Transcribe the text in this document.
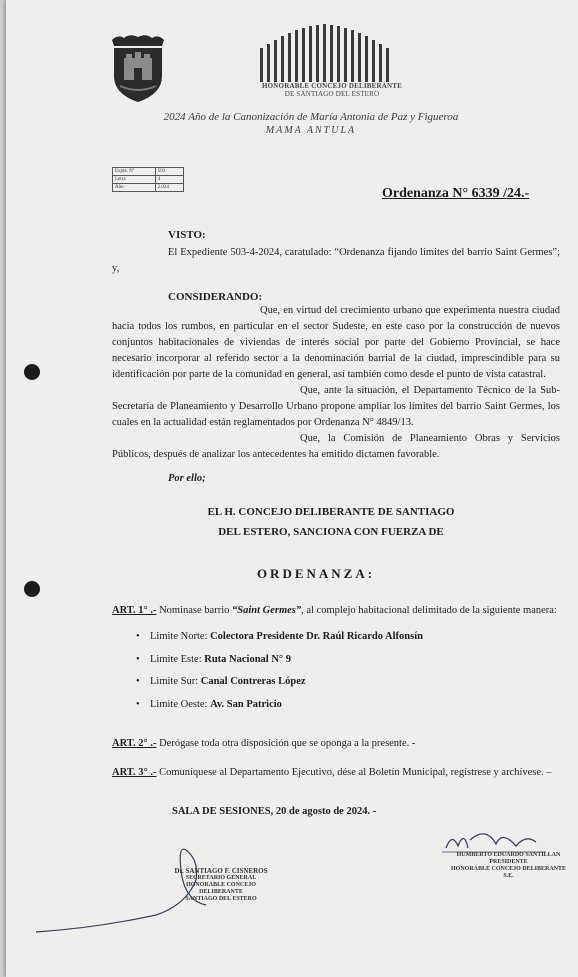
HONORABLE CONCEJO DELIBERANTE
DE SANTIAGO DEL ESTERO
2024 Año de la Canonización de María Antonia de Paz y Figueroa
MAMA ANTULA
Expte. Nº	503
Letra	4
Año	2.024	Ordenanza N° 6339 /24.-
VISTO:
El Expediente 503-4-2024, caratulado: “Ordenanza fijando límites del barrio Saint Germes”; y,
CONSIDERANDO:
Que, en virtud del crecimiento urbano que experimenta nuestra ciudad hacia todos los rumbos, en particular en el sector Sudeste, en este caso por la construcción de nuevos conjuntos habitacionales de viviendas de interés social por parte del Gobierno Provincial, se hace necesario incorporar al referido sector a la denominación barrial de la ciudad, imprescindible para su identificación por parte de la comunidad en general, así también como desde el punto de vista catastral.
Que, ante la situación, el Departamento Técnico de la Sub-Secretaría de Planeamiento y Desarrollo Urbano propone ampliar los límites del barrio Saint Germes, los cuales en la actualidad están reglamentados por Ordenanza N° 4849/13.
Que, la Comisión de Planeamiento Obras y Servicios Públicos, después de analizar los antecedentes ha emitido dictamen favorable.
Por ello;
EL H. CONCEJO DELIBERANTE DE SANTIAGO
DEL ESTERO, SANCIONA CON FUERZA DE
ORDENANZA:
ART. 1° .- Nominase barrio “Saint Germes”, al complejo habitacional delimitado de la siguiente manera:
• Limite Norte: Colectora Presidente Dr. Raúl Ricardo Alfonsín
• Limite Este: Ruta Nacional N° 9
• Limite Sur: Canal Contreras López
• Limite Oeste: Av. San Patricio
ART. 2° .- Derógase toda otra disposición que se oponga a la presente. -
ART. 3° .- Comuníquese al Departamento Ejecutivo, dése al Boletín Municipal, regístrese y archívese. –
SALA DE SESIONES, 20 de agosto de 2024. -
Dr. SANTIAGO F. CISNEROS
SECRETARIO GENERAL
HONORABLE CONCEJO DELIBERANTE
SANTIAGO DEL ESTERO
HUMBERTO EDUARDO SANTILLAN
PRESIDENTE
HONORABLE CONCEJO DELIBERANTE S.E.
